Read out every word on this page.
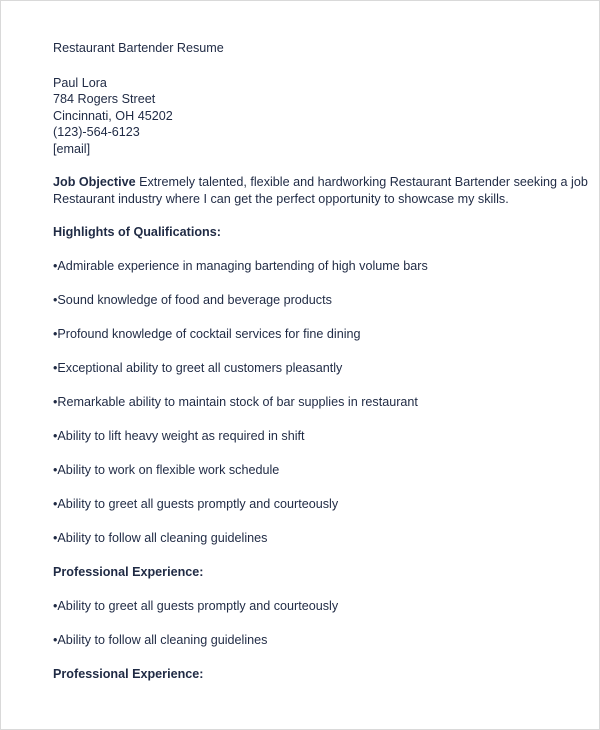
Restaurant Bartender Resume
Paul Lora
784 Rogers Street
Cincinnati, OH 45202
(123)-564-6123
[email]
Job Objective Extremely talented, flexible and hardworking Restaurant Bartender seeking a job Restaurant industry where I can get the perfect opportunity to showcase my skills.
Highlights of Qualifications:
•Admirable experience in managing bartending of high volume bars
•Sound knowledge of food and beverage products
•Profound knowledge of cocktail services for fine dining
•Exceptional ability to greet all customers pleasantly
•Remarkable ability to maintain stock of bar supplies in restaurant
•Ability to lift heavy weight as required in shift
•Ability to work on flexible work schedule
•Ability to greet all guests promptly and courteously
•Ability to follow all cleaning guidelines
Professional Experience:
•Ability to greet all guests promptly and courteously
•Ability to follow all cleaning guidelines
Professional Experience:
